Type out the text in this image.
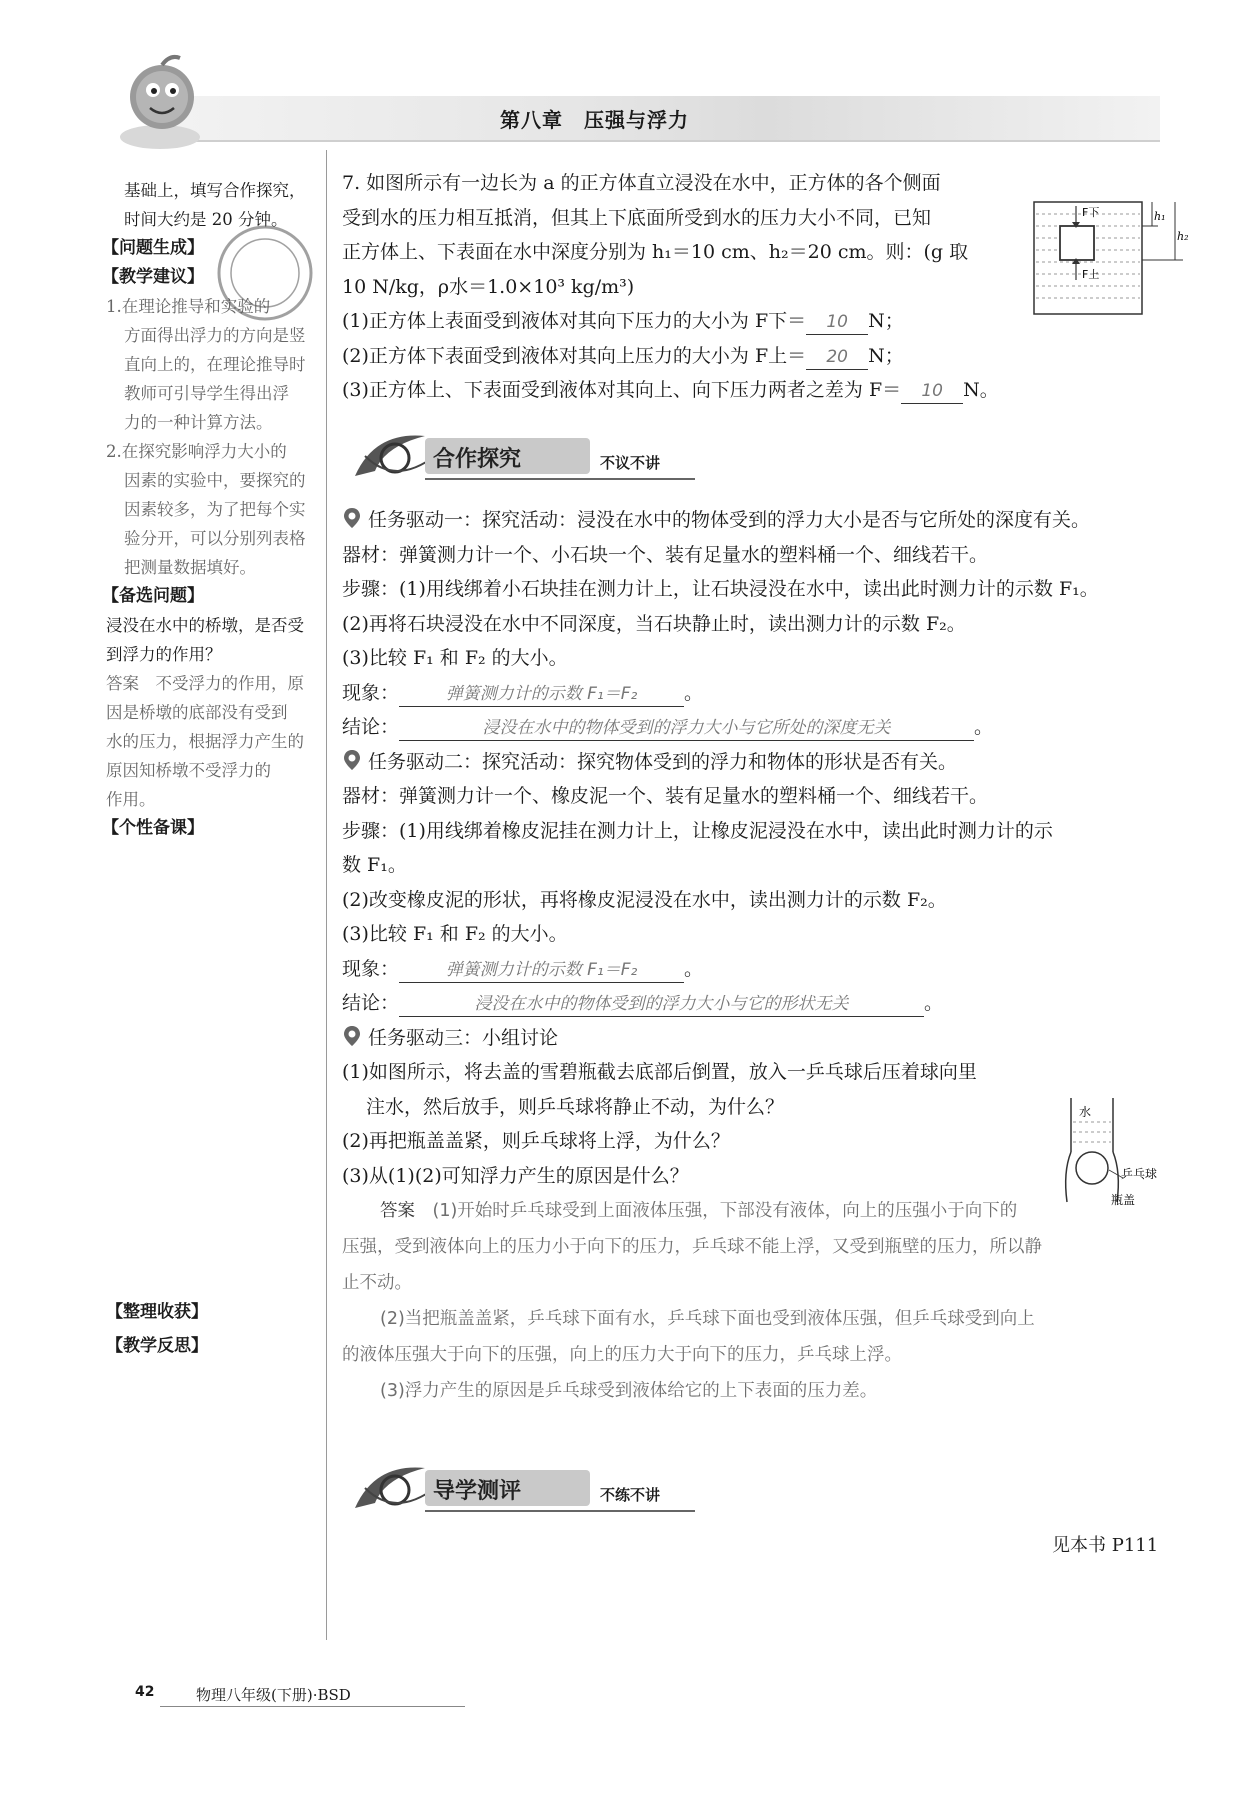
第八章　压强与浮力
基础上，填写合作探究，
时间大约是 20 分钟。
【问题生成】
【教学建议】
1.在理论推导和实验的
方面得出浮力的方向是竖
直向上的，在理论推导时
教师可引导学生得出浮
力的一种计算方法。
2.在探究影响浮力大小的
因素的实验中，要探究的
因素较多，为了把每个实
验分开，可以分别列表格
把测量数据填好。
【备选问题】
浸没在水中的桥墩，是否受
到浮力的作用？
答案　不受浮力的作用，原
因是桥墩的底部没有受到
水的压力，根据浮力产生的
原因知桥墩不受浮力的
作用。
【个性备课】
【整理收获】
【教学反思】
7. 如图所示有一边长为 a 的正方体直立浸没在水中，正方体的各个侧面
受到水的压力相互抵消，但其上下底面所受到水的压力大小不同，已知
正方体上、下表面在水中深度分别为 h₁＝10 cm、h₂＝20 cm。则：(g 取
10 N/kg，ρ水＝1.0×10³ kg/m³)
(1)正方体上表面受到液体对其向下压力的大小为 F下＝ 10 N；
(2)正方体下表面受到液体对其向上压力的大小为 F上＝ 20 N；
(3)正方体上、下表面受到液体对其向上、向下压力两者之差为 F＝ 10 N。
F下
F上
h₁
h₂
合作探究	不议不讲
任务驱动一：探究活动：浸没在水中的物体受到的浮力大小是否与它所处的深度有关。
器材：弹簧测力计一个、小石块一个、装有足量水的塑料桶一个、细线若干。
步骤：(1)用线绑着小石块挂在测力计上，让石块浸没在水中，读出此时测力计的示数 F₁。
(2)再将石块浸没在水中不同深度，当石块静止时，读出测力计的示数 F₂。
(3)比较 F₁ 和 F₂ 的大小。
现象：	弹簧测力计的示数 F₁＝F₂ 。
结论：	浸没在水中的物体受到的浮力大小与它所处的深度无关	。
任务驱动二：探究活动：探究物体受到的浮力和物体的形状是否有关。
器材：弹簧测力计一个、橡皮泥一个、装有足量水的塑料桶一个、细线若干。
步骤：(1)用线绑着橡皮泥挂在测力计上，让橡皮泥浸没在水中，读出此时测力计的示
数 F₁。
(2)改变橡皮泥的形状，再将橡皮泥浸没在水中，读出测力计的示数 F₂。
(3)比较 F₁ 和 F₂ 的大小。
现象：	弹簧测力计的示数 F₁＝F₂ 。
结论：	浸没在水中的物体受到的浮力大小与它的形状无关	。
任务驱动三：小组讨论
(1)如图所示，将去盖的雪碧瓶截去底部后倒置，放入一乒乓球后压着球向里
注水，然后放手，则乒乓球将静止不动，为什么？
(2)再把瓶盖盖紧，则乒乓球将上浮，为什么？
(3)从(1)(2)可知浮力产生的原因是什么？
答案　 (1)开始时乒乓球受到上面液体压强，下部没有液体，向上的压强小于向下的
压强，受到液体向上的压力小于向下的压力，乒乓球不能上浮，又受到瓶壁的压力，所以静
止不动。
(2)当把瓶盖盖紧，乒乓球下面有水，乒乓球下面也受到液体压强，但乒乓球受到向上
的液体压强大于向下的压强，向上的压力大于向下的压力，乒乓球上浮。
(3)浮力产生的原因是乒乓球受到液体给它的上下表面的压力差。
水
乒乓球
瓶盖
导学测评	不练不讲
见本书 P111
42	物理八年级(下册)·BSD
